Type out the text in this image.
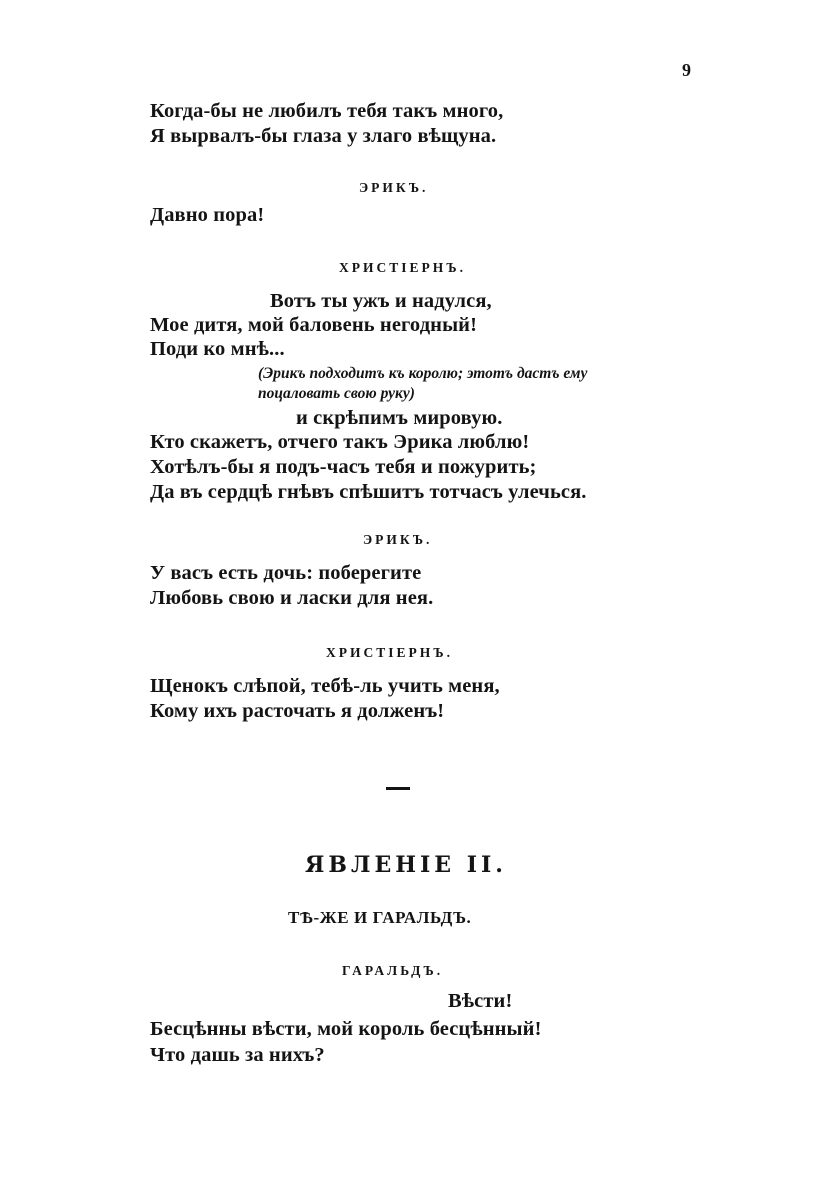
9
Когда-бы не любилъ тебя такъ много,
Я вырвалъ-бы глаза у злаго вѣщуна.
ЭРИКЪ.
Давно пора!
ХРИСТІЕРНЪ.
Вотъ ты ужъ и надулся,
Мое дитя, мой баловень негодный!
Поди ко мнѣ...
(Эрикъ подходитъ къ королю; этотъ дастъ ему
поцаловать свою руку)
и скрѣпимъ мировую.
Кто скажетъ, отчего такъ Эрика люблю!
Хотѣлъ-бы я подъ-часъ тебя и пожурить;
Да въ сердцѣ гнѣвъ спѣшитъ тотчасъ улечься.
ЭРИКЪ.
У васъ есть дочь: поберегите
Любовь свою и ласки для нея.
ХРИСТІЕРНЪ.
Щенокъ слѣпой, тебѣ-ль учить меня,
Кому ихъ расточать я долженъ!
ЯВЛЕНІЕ II.
ТѢ-ЖЕ И ГАРАЛЬДЪ.
ГАРАЛЬДЪ.
Вѣсти!
Бесцѣнны вѣсти, мой король бесцѣнный!
Что дашь за нихъ?
